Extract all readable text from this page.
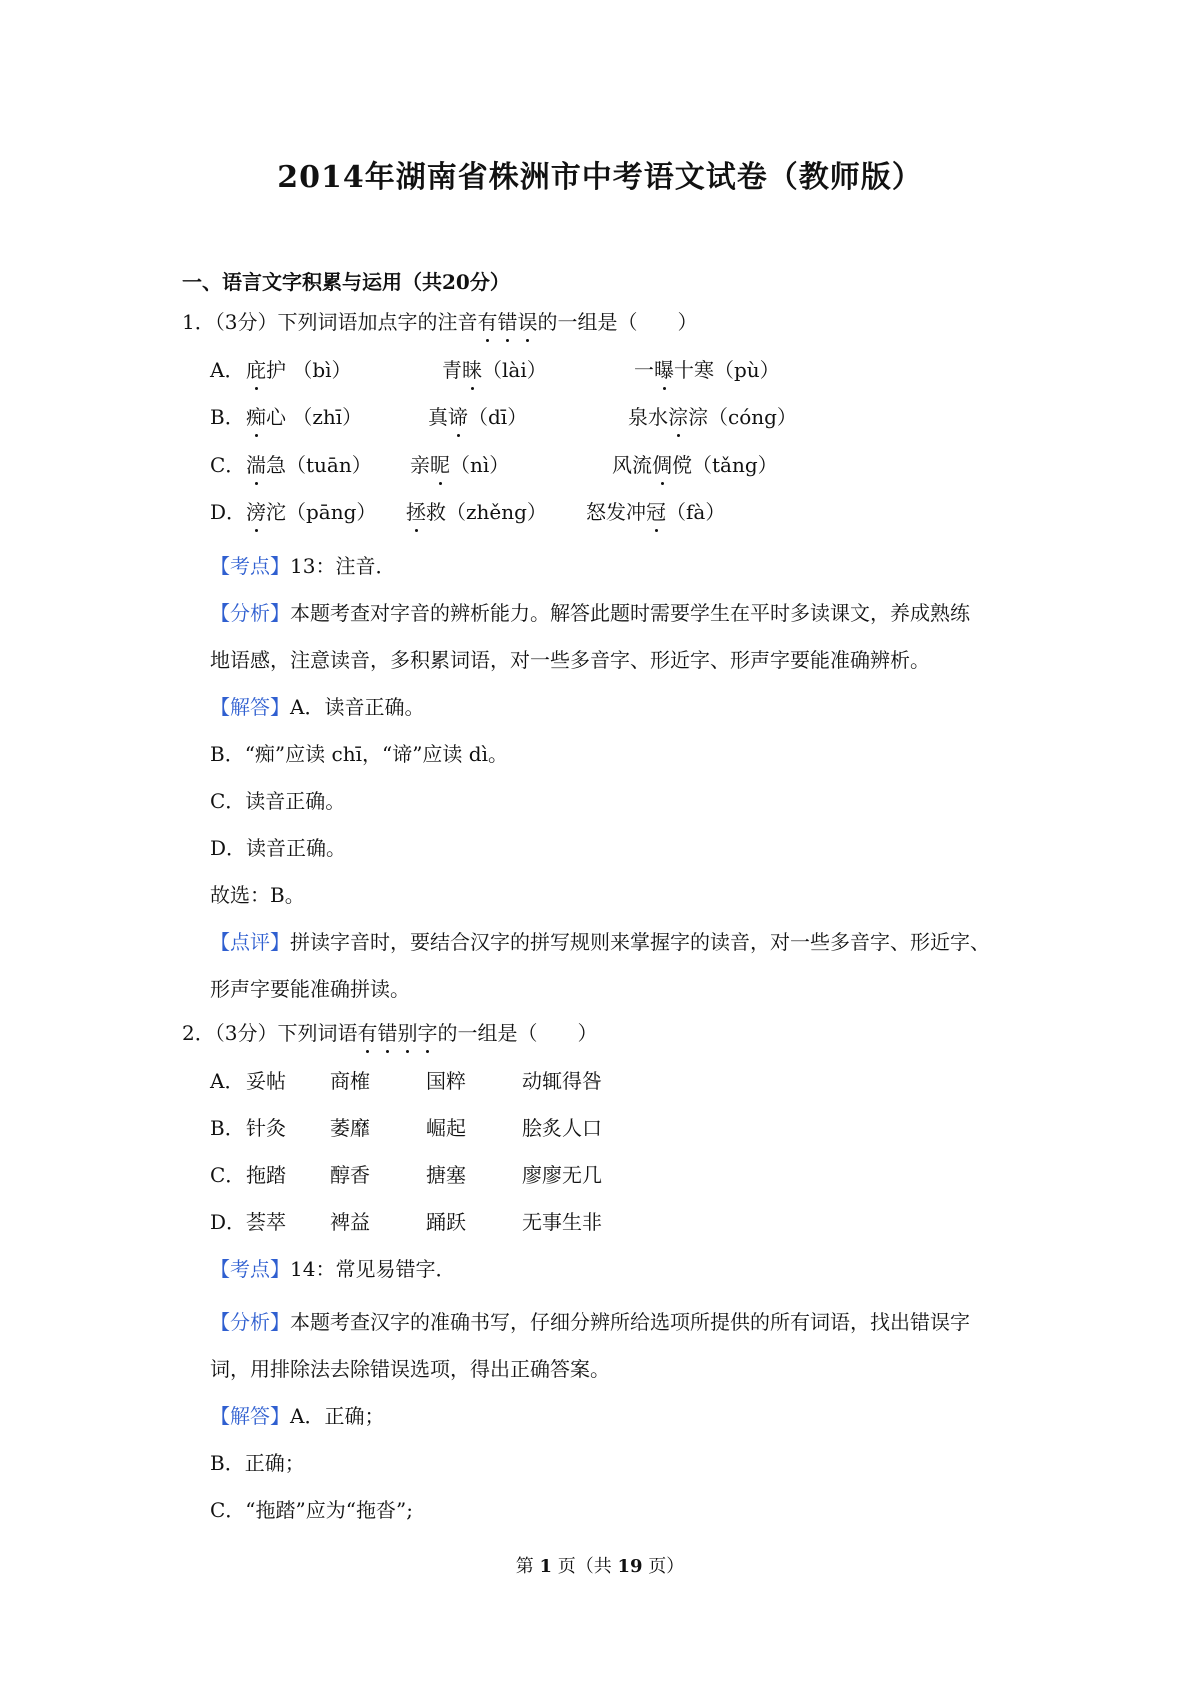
2014年湖南省株洲市中考语文试卷（教师版）
一、语言文字积累与运用（共20分）
1．（3分）下列词语加点字的注音有错误的一组是（　　）
A． 庇护 （bì）	青睐（lài）	一曝十寒（pù）
B． 痴心 （zhī）	真谛（dī）	泉水淙淙（cóng）
C． 湍急（tuān） 亲昵（nì）	风流倜傥（tǎng）
D． 滂沱（pāng） 拯救（zhěng） 怒发冲冠（fà）
【考点】13：注音．
【分析】本题考查对字音的辨析能力。解答此题时需要学生在平时多读课文，养成熟练
地语感，注意读音，多积累词语，对一些多音字、形近字、形声字要能准确辨析。
【解答】A．读音正确。
B．“痴”应读 chī，“谛”应读 dì。
C．读音正确。
D．读音正确。
故选：B。
【点评】拼读字音时，要结合汉字的拼写规则来掌握字的读音，对一些多音字、形近字、
形声字要能准确拼读。
2．（3分）下列词语有错别字的一组是（　　）
A． 妥帖 商榷	国粹	动辄得咎
B． 针灸 萎靡	崛起	脍炙人口
C． 拖踏 醇香	搪塞	廖廖无几
D． 荟萃 裨益	踊跃	无事生非
【考点】14：常见易错字．
【分析】本题考查汉字的准确书写，仔细分辨所给选项所提供的所有词语，找出错误字
词，用排除法去除错误选项，得出正确答案。
【解答】A．正确；
B．正确；
C．“拖踏”应为“拖沓”;
第 1 页（共 19 页）
